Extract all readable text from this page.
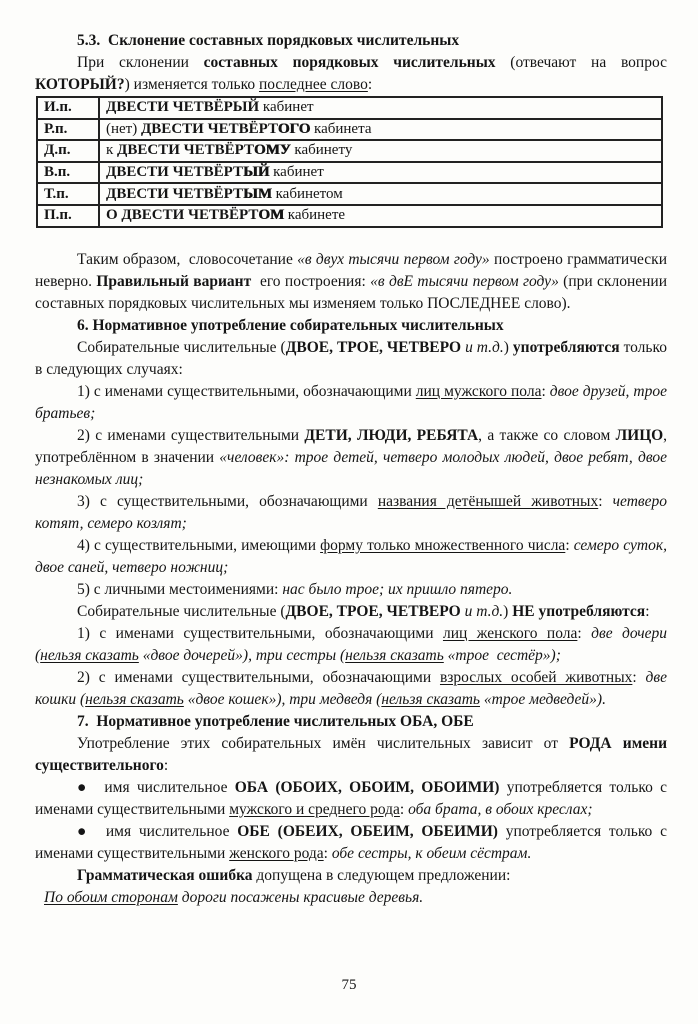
5.3.  Склонение составных порядковых числительных

При склонении составных порядковых числительных (отвечают на вопрос КОТОРЫЙ?) изменяется только последнее слово:

И.п.	ДВЕСТИ ЧЕТВЁРЫЙ кабинет
Р.п.	(нет) ДВЕСТИ ЧЕТВЁРТОГО кабинета
Д.п.	к ДВЕСТИ ЧЕТВЁРТОМУ кабинету
В.п.	ДВЕСТИ ЧЕТВЁРТЫЙ кабинет
Т.п.	ДВЕСТИ ЧЕТВЁРТЫМ кабинетом
П.п.	О ДВЕСТИ ЧЕТВЁРТОМ кабинете

Таким образом,  словосочетание «в двух тысячи первом году» построено грамматически неверно. Правильный вариант  его построения: «в двЕ тысячи первом году» (при склонении составных порядковых числительных мы изменяем только ПОСЛЕДНЕЕ слово).

6. Нормативное употребление собирательных числительных

Собирательные числительные (ДВОЕ, ТРОЕ, ЧЕТВЕРО и т.д.) употребляются только в следующих случаях:

1) с именами существительными, обозначающими лиц мужского пола: двое друзей, трое братьев;

2) с именами существительными ДЕТИ, ЛЮДИ, РЕБЯТА, а также со словом ЛИЦО, употреблённом в значении «человек»: трое детей, четверо молодых людей, двое ребят, двое незнакомых лиц;

3) с существительными, обозначающими названия детёнышей животных: четверо котят, семеро козлят;

4) с существительными, имеющими форму только множественного числа: семеро суток, двое саней, четверо ножниц;

5) с личными местоимениями: нас было трое; их пришло пятеро.

Собирательные числительные (ДВОЕ, ТРОЕ, ЧЕТВЕРО и т.д.) НЕ употребляются:

1) с именами существительными, обозначающими лиц женского пола: две дочери (нельзя сказать «двое дочерей»), три сестры (нельзя сказать «трое  сестёр»);

2) с именами существительными, обозначающими взрослых особей животных: две кошки (нельзя сказать «двое кошек»), три медведя (нельзя сказать «трое медведей»).

7.  Нормативное употребление числительных ОБА, ОБЕ

Употребление этих собирательных имён числительных зависит от РОДА имени существительного:

●  имя числительное ОБА (ОБОИХ, ОБОИМ, ОБОИМИ) употребляется только с именами существительными мужского и среднего рода: оба брата, в обоих креслах;

●  имя числительное ОБЕ (ОБЕИХ, ОБЕИМ, ОБЕИМИ) употребляется только с именами существительными женского рода: обе сестры, к обеим сёстрам.

Грамматическая ошибка допущена в следующем предложении:

По обоим сторонам дороги посажены красивые деревья.

75
